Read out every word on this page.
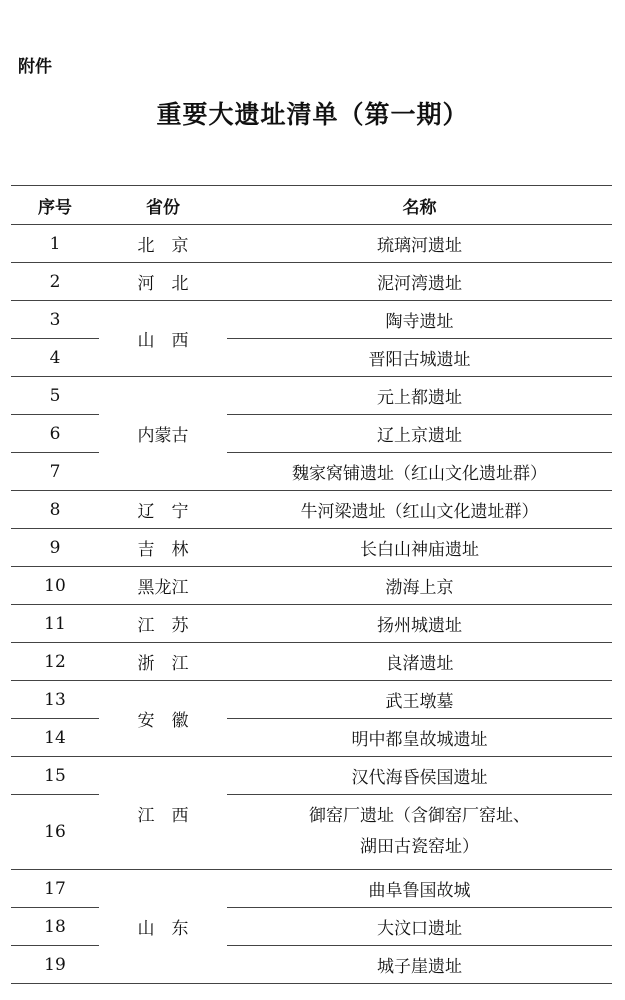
附件
重要大遗址清单（第一期）
序号	省份	名称
1	北　京	琉璃河遗址
2	河　北	泥河湾遗址
3	山　西	陶寺遗址
4		晋阳古城遗址
5	内蒙古	元上都遗址
6		辽上京遗址
7		魏家窝铺遗址（红山文化遗址群）
8	辽　宁	牛河梁遗址（红山文化遗址群）
9	吉　林	长白山神庙遗址
10	黑龙江	渤海上京
11	江　苏	扬州城遗址
12	浙　江	良渚遗址
13	安　徽	武王墩墓
14		明中都皇故城遗址
15	江　西	汉代海昏侯国遗址
16		御窑厂遗址（含御窑厂窑址、
湖田古瓷窑址）

17	山　东	曲阜鲁国故城
18		大汶口遗址
19		城子崖遗址
